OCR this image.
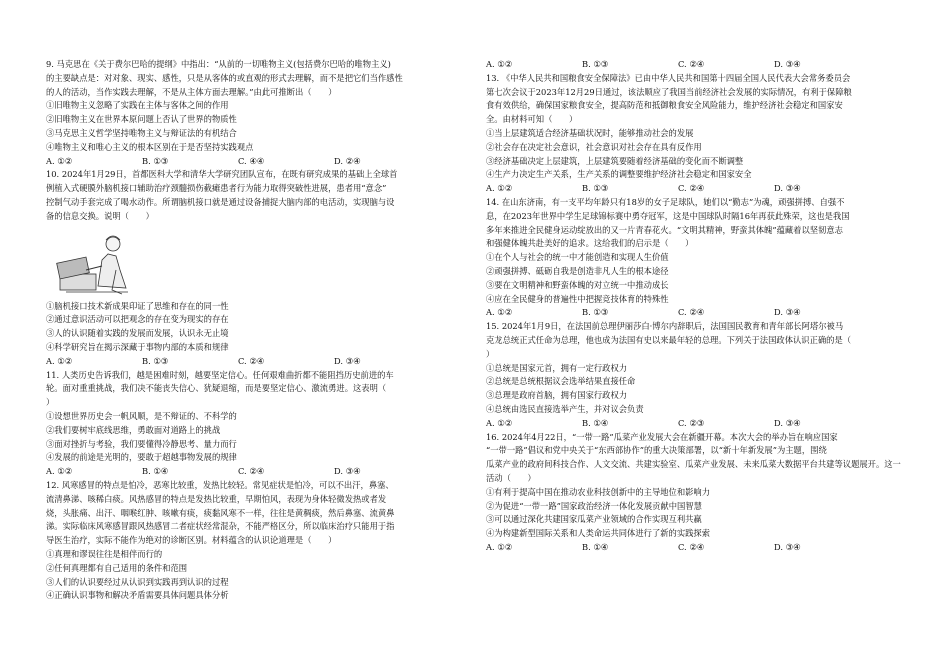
9. 马克思在《关于费尔巴哈的提纲》中指出：“从前的一切唯物主义(包括费尔巴哈的唯物主义)

的主要缺点是：对对象、现实、感性，只是从客体的或直观的形式去理解，而不是把它们当作感性

的人的活动，当作实践去理解，不是从主体方面去理解。”由此可推断出（　　）

①旧唯物主义忽略了实践在主体与客体之间的作用

②旧唯物主义在世界本原问题上否认了世界的物质性

③马克思主义哲学坚持唯物主义与辩证法的有机结合

④唯物主义和唯心主义的根本区别在于是否坚持实践观点

A. ①②	B. ①③	C. ④④	D. ②④

10. 2024年1月29日，首都医科大学和清华大学研究团队宣布，在既有研究成果的基础上全球首

例植入式硬膜外脑机接口辅助治疗颈髓损伤截瘫患者行为能力取得突破性进展，患者用“意念”

控制气动手套完成了喝水动作。所谓脑机接口就是通过设备捕捉大脑内部的电活动，实现脑与设

备的信息交换。说明（　　）

①脑机接口技术新成果印证了思维和存在的同一性

②通过意识活动可以把观念的存在变为现实的存在

③人的认识随着实践的发展而发展，认识永无止境

④科学研究旨在揭示深藏于事物内部的本质和规律

A. ①②	B. ①③	C. ②④	D. ③④

11. 人类历史告诉我们，越是困难时刻，越要坚定信心。任何艰难曲折都不能阻挡历史前进的车

轮。面对重重挑战，我们决不能丧失信心、犹疑退缩，而是要坚定信心、激流勇进。这表明（

）

①设想世界历史会一帆风顺，是不辩证的、不科学的

②我们要树牢底线思维，勇敢面对道路上的挑战

③面对挫折与考验，我们要懂得冷静思考、量力而行

④发展的前途是光明的，要敢于超越事物发展的规律

A. ①②	B. ①④	C. ②④	D. ③④

12. 风寒感冒的特点是怕冷，恶寒比较重，发热比较轻。常见症状是怕冷，可以不出汗，鼻塞、

流清鼻涕、咳稀白痰。风热感冒的特点是发热比较重，早期怕风，表现为身体轻微发热或者发

烧，头胀痛、出汗、咽喉红肿、咳嗽有痰，痰黏风寒不一样，往往是黄稠痰，然后鼻塞、流黄鼻

涕。实际临床风寒感冒跟风热感冒二者症状经常混杂，不能严格区分，所以临床治疗只能用于指

导医生治疗，实际不能作为绝对的诊断区别。材料蕴含的认识论道理是（　　）

①真理和谬误往往是相伴而行的

②任何真理都有自己适用的条件和范围

③人们的认识要经过从认识到实践再到认识的过程

④正确认识事物和解决矛盾需要具体问题具体分析

A. ①②	B. ①③	C. ②④	D. ③④

13. 《中华人民共和国粮食安全保障法》已由中华人民共和国第十四届全国人民代表大会常务委员会

第七次会议于2023年12月29日通过，该法顺应了我国当前经济社会发展的实际情况，有利于保障粮

食有效供给，确保国家粮食安全，提高防范和抵御粮食安全风险能力，维护经济社会稳定和国家安

全。由材料可知（　　）

①当上层建筑适合经济基础状况时，能够推动社会的发展

②社会存在决定社会意识，社会意识对社会存在具有反作用

③经济基础决定上层建筑，上层建筑要随着经济基础的变化而不断调整

④生产力决定生产关系，生产关系的调整要维护经济社会稳定和国家安全

A. ①②	B. ①③	C. ②④	D. ③④

14. 在山东济南，有一支平均年龄只有18岁的女子足球队，她们以“勤志”为魂，顽强拼搏、自强不

息，在2023年世界中学生足球锦标赛中勇夺冠军，这是中国球队时隔16年再获此殊荣，这也是我国

多年来推进全民健身运动绽放出的又一片青春花火。“文明其精神，野蛮其体魄”蕴藏着以坚韧意志

和强健体魄共赴美好的追求。这给我们的启示是（　　）

①在个人与社会的统一中才能创造和实现人生价值

②顽强拼搏、砥砺自我是创造非凡人生的根本途径

③要在文明精神和野蛮体魄的对立统一中推动成长

④应在全民健身的普遍性中把握竞技体育的特殊性

A. ①②	B. ①③	C. ②④	D. ③④

15. 2024年1月9日，在法国前总理伊丽莎白·博尔内辞职后，法国国民教育和青年部长阿塔尔被马

克龙总统正式任命为总理，他也成为法国有史以来最年轻的总理。下列关于法国政体认识正确的是（

）

①总统是国家元首，拥有一定行政权力

②总统是总统根据议会选举结果直接任命

③总理是政府首脑，拥有国家行政权力

④总统由选民直接选举产生，并对议会负责

A. ①②	B. ①④	C. ②③	D. ③④

16. 2024年4月22日，“一带一路”瓜菜产业发展大会在新疆开幕。本次大会的举办旨在响应国家

“一带一路”倡议和党中央关于“东西部协作”的重大决策部署，以“新十年新发展”为主题，围绕

瓜菜产业的政府间科技合作、人文交流、共建实验室、瓜菜产业发展、未来瓜菜大数据平台共建等议题展开。这一

活动（　　）

①有利于提高中国在推动农业科技创新中的主导地位和影响力

②为促进“一带一路”国家政治经济一体化发展贡献中国智慧

③可以通过深化共建国家瓜菜产业领域的合作实现互利共赢

④为构建新型国际关系和人类命运共同体进行了新的实践探索

A. ①②	B. ①④	C. ②④	D. ③④
